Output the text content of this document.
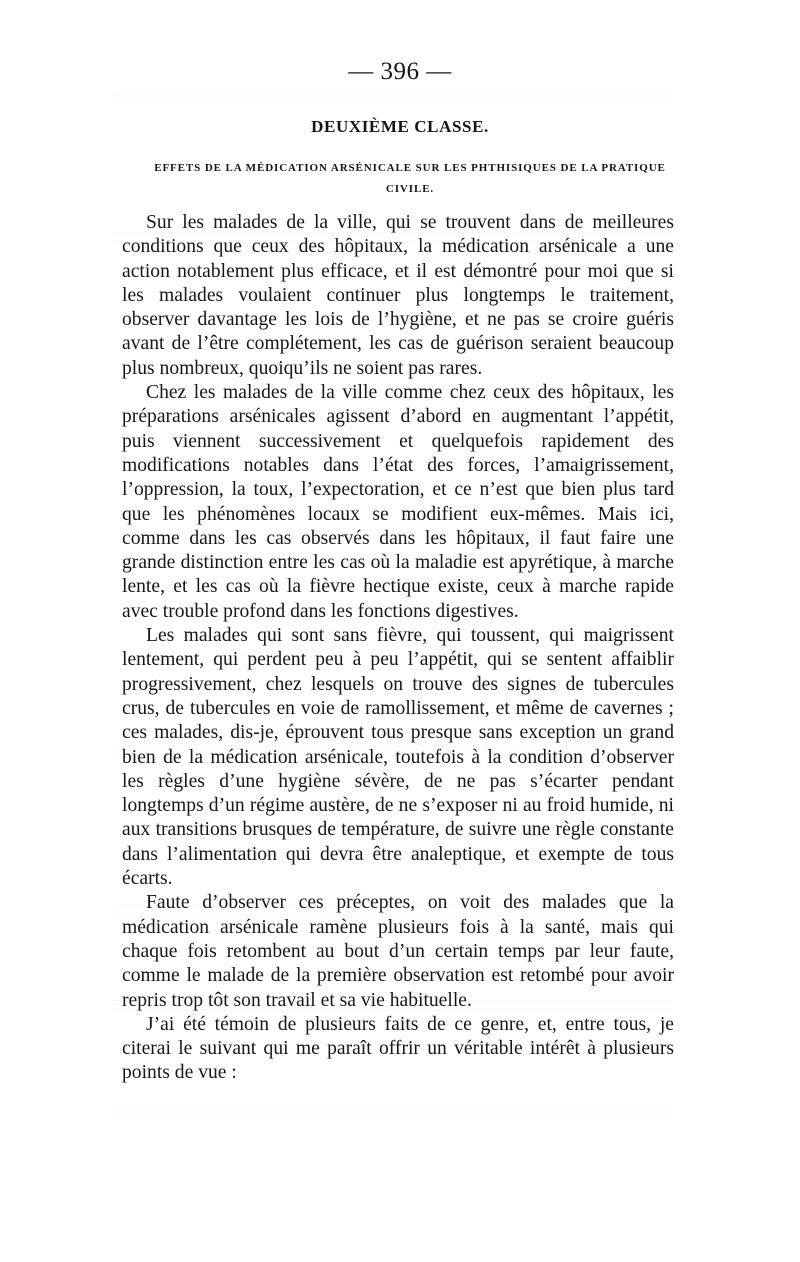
— 396 —
DEUXIÈME CLASSE.
EFFETS DE LA MÉDICATION ARSÉNICALE SUR LES PHTHISIQUES DE LA PRATIQUE CIVILE.

Sur les malades de la ville, qui se trouvent dans de meilleures conditions que ceux des hôpitaux, la médication arsénicale a une action notablement plus efficace, et il est démontré pour moi que si les malades voulaient continuer plus longtemps le traitement, observer davantage les lois de l’hygiène, et ne pas se croire guéris avant de l’être complétement, les cas de guérison seraient beaucoup plus nombreux, quoiqu’ils ne soient pas rares.

Chez les malades de la ville comme chez ceux des hôpitaux, les préparations arsénicales agissent d’abord en augmentant l’appétit, puis viennent successivement et quelquefois rapidement des modifications notables dans l’état des forces, l’amaigrissement, l’oppression, la toux, l’expectoration, et ce n’est que bien plus tard que les phénomènes locaux se modifient eux-mêmes. Mais ici, comme dans les cas observés dans les hôpitaux, il faut faire une grande distinction entre les cas où la maladie est apyrétique, à marche lente, et les cas où la fièvre hectique existe, ceux à marche rapide avec trouble profond dans les fonctions digestives.

Les malades qui sont sans fièvre, qui toussent, qui maigrissent lentement, qui perdent peu à peu l’appétit, qui se sentent affaiblir progressivement, chez lesquels on trouve des signes de tubercules crus, de tubercules en voie de ramollissement, et même de cavernes ; ces malades, dis-je, éprouvent tous presque sans exception un grand bien de la médication arsénicale, toutefois à la condition d’observer les règles d’une hygiène sévère, de ne pas s’écarter pendant longtemps d’un régime austère, de ne s’exposer ni au froid humide, ni aux transitions brusques de température, de suivre une règle constante dans l’alimentation qui devra être analeptique, et exempte de tous écarts.

Faute d’observer ces préceptes, on voit des malades que la médication arsénicale ramène plusieurs fois à la santé, mais qui chaque fois retombent au bout d’un certain temps par leur faute, comme le malade de la première observation est retombé pour avoir repris trop tôt son travail et sa vie habituelle.

J’ai été témoin de plusieurs faits de ce genre, et, entre tous, je citerai le suivant qui me paraît offrir un véritable intérêt à plusieurs points de vue :
